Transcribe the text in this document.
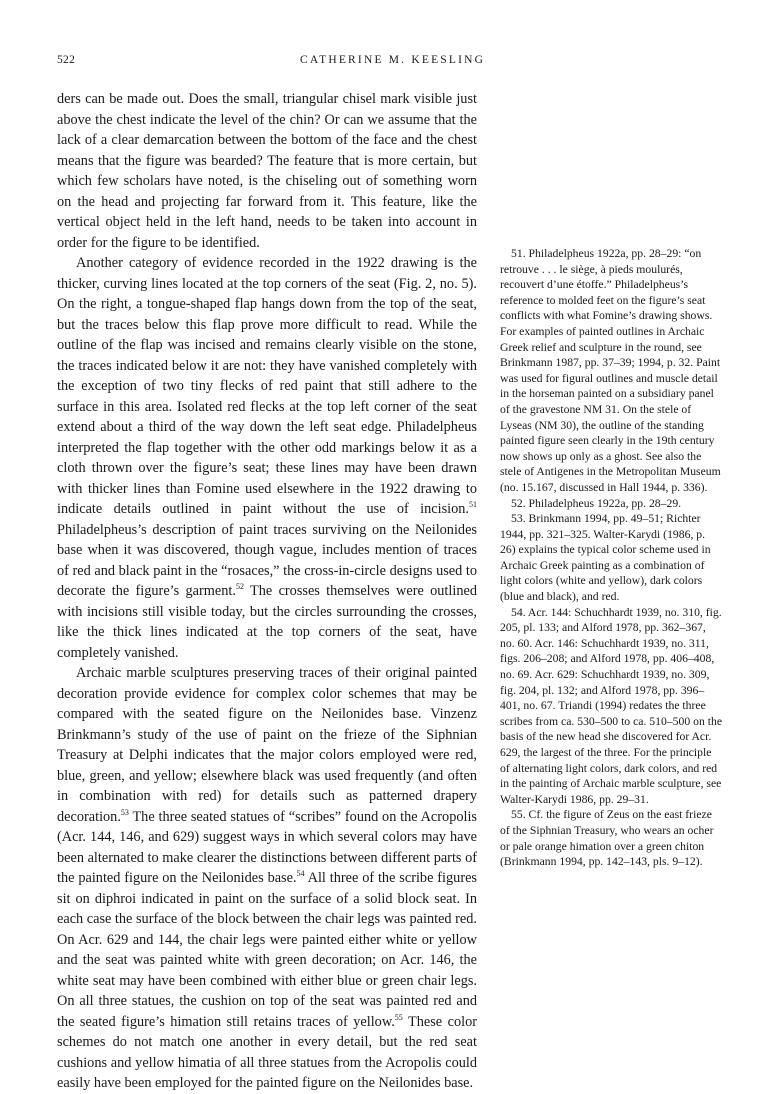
522	CATHERINE M. KEESLING

ders can be made out. Does the small, triangular chisel mark visible just above the chest indicate the level of the chin? Or can we assume that the lack of a clear demarcation between the bottom of the face and the chest means that the figure was bearded? The feature that is more certain, but which few scholars have noted, is the chiseling out of something worn on the head and projecting far forward from it. This feature, like the vertical object held in the left hand, needs to be taken into account in order for the figure to be identified.

Another category of evidence recorded in the 1922 drawing is the thicker, curving lines located at the top corners of the seat (Fig. 2, no. 5). On the right, a tongue-shaped flap hangs down from the top of the seat, but the traces below this flap prove more difficult to read. While the outline of the flap was incised and remains clearly visible on the stone, the traces indicated below it are not: they have vanished completely with the exception of two tiny flecks of red paint that still adhere to the surface in this area. Isolated red flecks at the top left corner of the seat extend about a third of the way down the left seat edge. Philadelpheus interpreted the flap together with the other odd markings below it as a cloth thrown over the figure’s seat; these lines may have been drawn with thicker lines than Fomine used elsewhere in the 1922 drawing to indicate details outlined in paint without the use of incision.$^{51}$ Philadelpheus’s description of paint traces surviving on the Neilonides base when it was discovered, though vague, includes mention of traces of red and black paint in the “rosaces,” the cross-in-circle designs used to decorate the figure’s garment.$^{52}$ The crosses themselves were outlined with incisions still visible today, but the circles surrounding the crosses, like the thick lines indicated at the top corners of the seat, have completely vanished.

Archaic marble sculptures preserving traces of their original painted decoration provide evidence for complex color schemes that may be compared with the seated figure on the Neilonides base. Vinzenz Brinkmann’s study of the use of paint on the frieze of the Siphnian Treasury at Delphi indicates that the major colors employed were red, blue, green, and yellow; elsewhere black was used frequently (and often in combination with red) for details such as patterned drapery decoration.$^{53}$ The three seated statues of “scribes” found on the Acropolis (Acr. 144, 146, and 629) suggest ways in which several colors may have been alternated to make clearer the distinctions between different parts of the painted figure on the Neilonides base.$^{54}$ All three of the scribe figures sit on diphroi indicated in paint on the surface of a solid block seat. In each case the surface of the block between the chair legs was painted red. On Acr. 629 and 144, the chair legs were painted either white or yellow and the seat was painted white with green decoration; on Acr. 146, the white seat may have been combined with either blue or green chair legs. On all three statues, the cushion on top of the seat was painted red and the seated figure’s himation still retains traces of yellow.$^{55}$ These color schemes do not match one another in every detail, but the red seat cushions and yellow himatia of all three statues from the Acropolis could easily have been employed for the painted figure on the Neilonides base.

51. Philadelpheus 1922a, pp. 28–29: “on retrouve . . . le siège, à pieds moulurés, recouvert d’une étoffe.” Philadelpheus’s reference to molded feet on the figure’s seat conflicts with what Fomine’s drawing shows. For examples of painted outlines in Archaic Greek relief and sculpture in the round, see Brinkmann 1987, pp. 37–39; 1994, p. 32. Paint was used for figural outlines and muscle detail in the horseman painted on a subsidiary panel of the gravestone NM 31. On the stele of Lyseas (NM 30), the outline of the standing painted figure seen clearly in the 19th century now shows up only as a ghost. See also the stele of Antigenes in the Metropolitan Museum (no. 15.167, discussed in Hall 1944, p. 336).

52. Philadelpheus 1922a, pp. 28–29.

53. Brinkmann 1994, pp. 49–51; Richter 1944, pp. 321–325. Walter-Karydi (1986, p. 26) explains the typical color scheme used in Archaic Greek painting as a combination of light colors (white and yellow), dark colors (blue and black), and red.

54. Acr. 144: Schuchhardt 1939, no. 310, fig. 205, pl. 133; and Alford 1978, pp. 362–367, no. 60. Acr. 146: Schuchhardt 1939, no. 311, figs. 206–208; and Alford 1978, pp. 406–408, no. 69. Acr. 629: Schuchhardt 1939, no. 309, fig. 204, pl. 132; and Alford 1978, pp. 396–401, no. 67. Triandi (1994) redates the three scribes from ca. 530–500 to ca. 510–500 on the basis of the new head she discovered for Acr. 629, the largest of the three. For the principle of alternating light colors, dark colors, and red in the painting of Archaic marble sculpture, see Walter-Karydi 1986, pp. 29–31.

55. Cf. the figure of Zeus on the east frieze of the Siphnian Treasury, who wears an ocher or pale orange himation over a green chiton (Brinkmann 1994, pp. 142–143, pls. 9–12).
